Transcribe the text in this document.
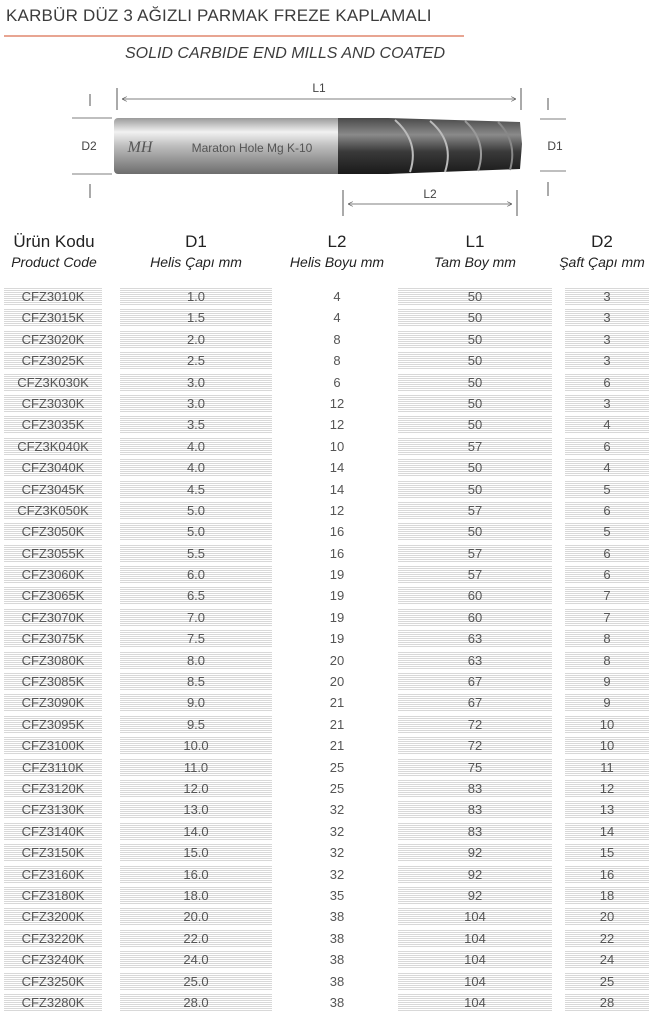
KARBÜR DÜZ 3 AĞIZLI PARMAK FREZE KAPLAMALI
SOLID CARBIDE END MILLS AND COATED
L1
D2	D1
MH	Maraton Hole Mg K-10
L2
Ürün Kodu
Product Code
D1
Helis Çapı mm
L2
Helis Boyu mm
L1
Tam Boy mm
D2
Şaft Çapı mm
CFZ3010K	1.0	4	50	3
CFZ3015K	1.5	4	50	3
CFZ3020K	2.0	8	50	3
CFZ3025K	2.5	8	50	3
CFZ3K030K	3.0	6	50	6
CFZ3030K	3.0	12	50	3
CFZ3035K	3.5	12	50	4
CFZ3K040K	4.0	10	57	6
CFZ3040K	4.0	14	50	4
CFZ3045K	4.5	14	50	5
CFZ3K050K	5.0	12	57	6
CFZ3050K	5.0	16	50	5
CFZ3055K	5.5	16	57	6
CFZ3060K	6.0	19	57	6
CFZ3065K	6.5	19	60	7
CFZ3070K	7.0	19	60	7
CFZ3075K	7.5	19	63	8
CFZ3080K	8.0	20	63	8
CFZ3085K	8.5	20	67	9
CFZ3090K	9.0	21	67	9
CFZ3095K	9.5	21	72	10
CFZ3100K	10.0	21	72	10
CFZ3110K	11.0	25	75	11
CFZ3120K	12.0	25	83	12
CFZ3130K	13.0	32	83	13
CFZ3140K	14.0	32	83	14
CFZ3150K	15.0	32	92	15
CFZ3160K	16.0	32	92	16
CFZ3180K	18.0	35	92	18
CFZ3200K	20.0	38	104	20
CFZ3220K	22.0	38	104	22
CFZ3240K	24.0	38	104	24
CFZ3250K	25.0	38	104	25
CFZ3280K	28.0	38	104	28
